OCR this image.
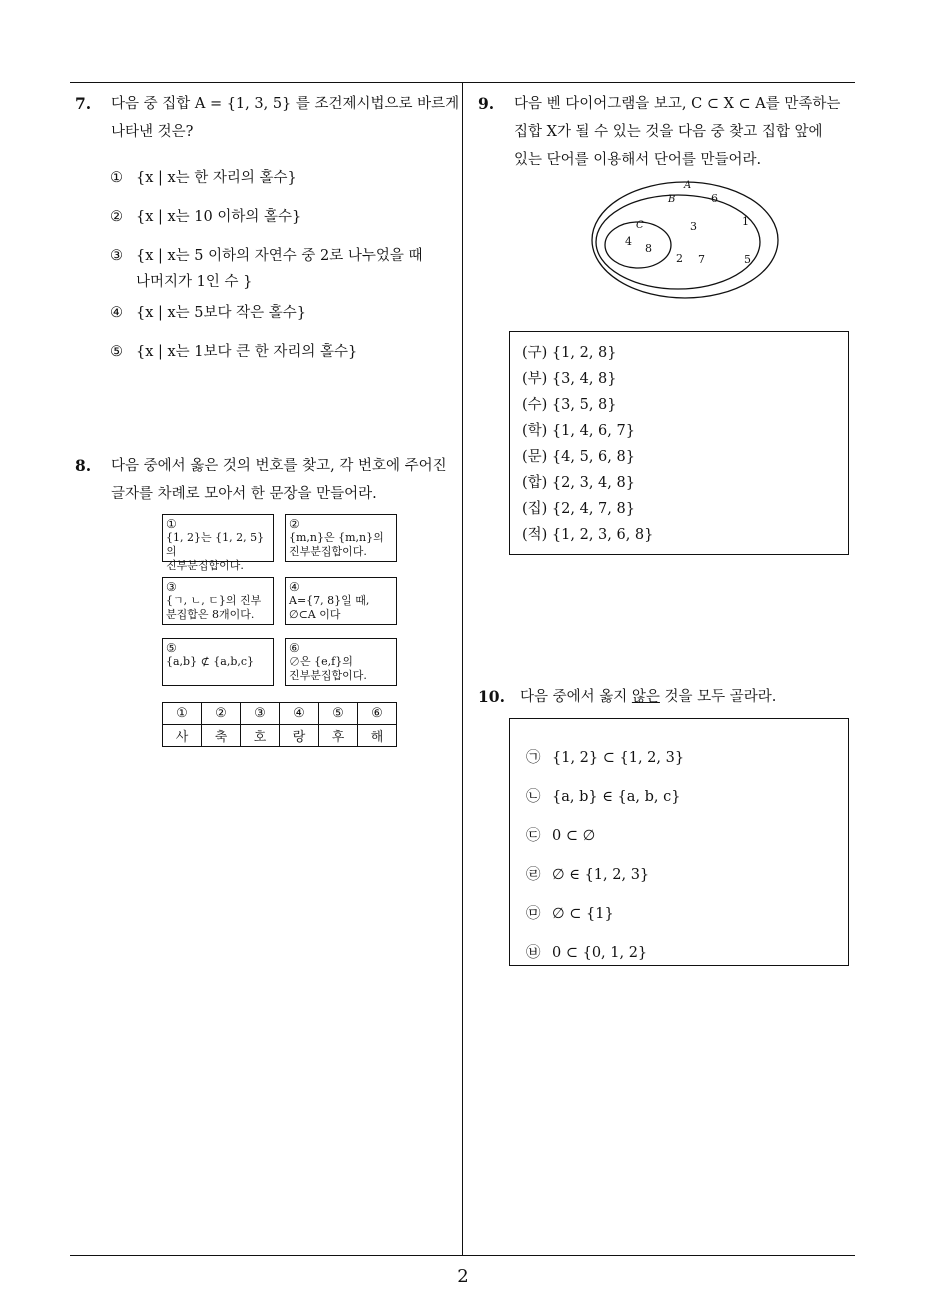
7.	다음 중 집합 A = {1, 3, 5} 를 조건제시법으로 바르게
나타낸 것은?
① {x | x는 한 자리의 홀수}
② {x | x는 10 이하의 홀수}
③ {x | x는 5 이하의 자연수 중 2로 나누었을 때
나머지가 1인 수 }
④ {x | x는 5보다 작은 홀수}
⑤ {x | x는 1보다 큰 한 자리의 홀수}
8.	다음 중에서 옳은 것의 번호를 찾고, 각 번호에 주어진
글자를 차례로 모아서 한 문장을 만들어라.
①
{1, 2}는 {1, 2, 5}의
진부분집합이다.
②
{m,n}은 {m,n}의
진부분집합이다.
③
{ㄱ, ㄴ, ㄷ}의 진부
분집합은 8개이다.
④
A={7, 8}일 때,
∅⊂A 이다
⑤
{a,b} ⊄ {a,b,c}

⑥
∅은 {e,f}의
진부분집합이다.
①	②	③	④	⑤	⑥
사	축	호	랑	후	해
9.	다음 벤 다이어그램을 보고, C ⊂ X ⊂ A를 만족하는
집합 X가 될 수 있는 것을 다음 중 찾고 집합 앞에
있는 단어를 이용해서 단어를 만들어라.
A
B
C
4
8
6
3
2 7
1
5
(구) {1, 2, 8}
(부) {3, 4, 8}
(수) {3, 5, 8}
(학) {1, 4, 6, 7}
(문) {4, 5, 6, 8}
(합) {2, 3, 4, 8}
(집) {2, 4, 7, 8}
(적) {1, 2, 3, 6, 8}
10.	다음 중에서 옳지 않은 것을 모두 골라라.
㉠ {1, 2} ⊂ {1, 2, 3}
㉡ {a, b} ∈ {a, b, c}
㉢ 0 ⊂ ∅
㉣ ∅ ∈ {1, 2, 3}
㉤ ∅ ⊂ {1}
㉥ 0 ⊂ {0, 1, 2}
2
